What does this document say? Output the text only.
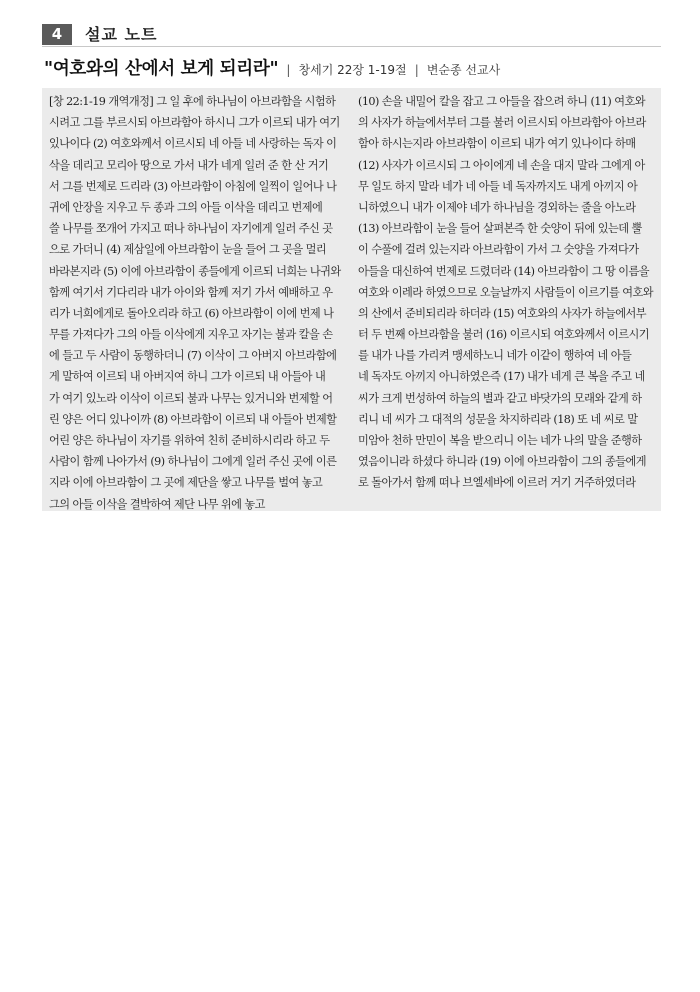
4	설교 노트
"여호와의 산에서 보게 되리라" | 창세기 22장 1-19절 | 변순종 선교사
[창 22:1-19 개역개정] 그 일 후에 하나님이 아브라함을 시험하
시려고 그를 부르시되 아브라함아 하시니 그가 이르되 내가 여기
있나이다 (2) 여호와께서 이르시되 네 아들 네 사랑하는 독자 이
삭을 데리고 모리아 땅으로 가서 내가 네게 일러 준 한 산 거기
서 그를 번제로 드리라 (3) 아브라함이 아침에 일찍이 일어나 나
귀에 안장을 지우고 두 종과 그의 아들 이삭을 데리고 번제에
쓸 나무를 쪼개어 가지고 떠나 하나님이 자기에게 일러 주신 곳
으로 가더니 (4) 제삼일에 아브라함이 눈을 들어 그 곳을 멀리
바라본지라 (5) 이에 아브라함이 종들에게 이르되 너희는 나귀와
함께 여기서 기다리라 내가 아이와 함께 저기 가서 예배하고 우
리가 너희에게로 돌아오리라 하고 (6) 아브라함이 이에 번제 나
무를 가져다가 그의 아들 이삭에게 지우고 자기는 불과 칼을 손
에 들고 두 사람이 동행하더니 (7) 이삭이 그 아버지 아브라함에
게 말하여 이르되 내 아버지여 하니 그가 이르되 내 아들아 내
가 여기 있노라 이삭이 이르되 불과 나무는 있거니와 번제할 어
린 양은 어디 있나이까 (8) 아브라함이 이르되 내 아들아 번제할
어린 양은 하나님이 자기를 위하여 친히 준비하시리라 하고 두
사람이 함께 나아가서 (9) 하나님이 그에게 일러 주신 곳에 이른
지라 이에 아브라함이 그 곳에 제단을 쌓고 나무를 벌여 놓고
그의 아들 이삭을 결박하여 제단 나무 위에 놓고
(10) 손을 내밀어 칼을 잡고 그 아들을 잡으려 하니 (11) 여호와
의 사자가 하늘에서부터 그를 불러 이르시되 아브라함아 아브라
함아 하시는지라 아브라함이 이르되 내가 여기 있나이다 하매
(12) 사자가 이르시되 그 아이에게 네 손을 대지 말라 그에게 아
무 일도 하지 말라 네가 네 아들 네 독자까지도 내게 아끼지 아
니하였으니 내가 이제야 네가 하나님을 경외하는 줄을 아노라
(13) 아브라함이 눈을 들어 살펴본즉 한 숫양이 뒤에 있는데 뿔
이 수풀에 걸려 있는지라 아브라함이 가서 그 숫양을 가져다가
아들을 대신하여 번제로 드렸더라 (14) 아브라함이 그 땅 이름을
여호와 이레라 하였으므로 오늘날까지 사람들이 이르기를 여호와
의 산에서 준비되리라 하더라 (15) 여호와의 사자가 하늘에서부
터 두 번째 아브라함을 불러 (16) 이르시되 여호와께서 이르시기
를 내가 나를 가리켜 맹세하노니 네가 이같이 행하여 네 아들
네 독자도 아끼지 아니하였은즉 (17) 내가 네게 큰 복을 주고 네
씨가 크게 번성하여 하늘의 별과 같고 바닷가의 모래와 같게 하
리니 네 씨가 그 대적의 성문을 차지하리라 (18) 또 네 씨로 말
미암아 천하 만민이 복을 받으리니 이는 네가 나의 말을 준행하
였음이니라 하셨다 하니라 (19) 이에 아브라함이 그의 종들에게
로 돌아가서 함께 떠나 브엘세바에 이르러 거기 거주하였더라
